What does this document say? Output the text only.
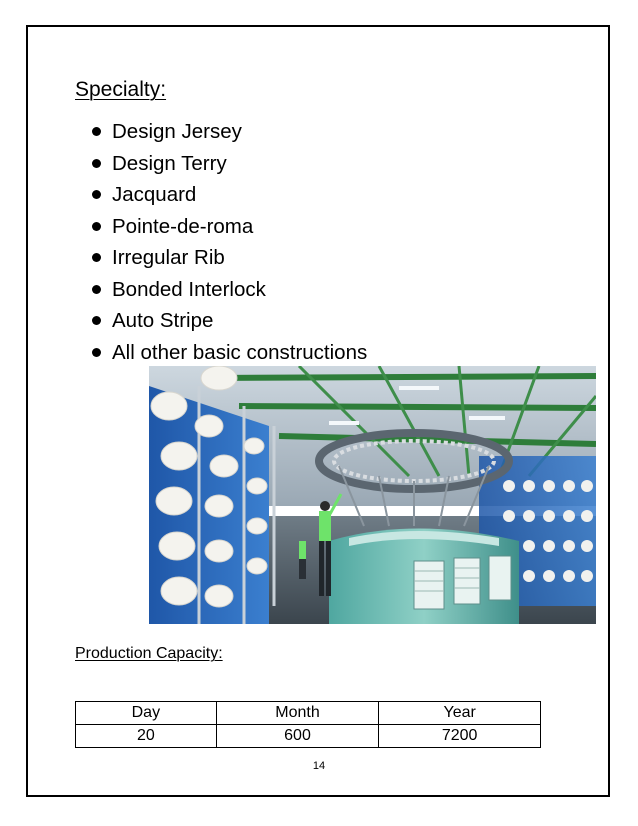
Specialty:
Design Jersey
Design Terry
Jacquard
Pointe-de-roma
Irregular Rib
Bonded Interlock
Auto Stripe
All other basic constructions
Production Capacity:
Day	Month	Year
20	600	7200
14
